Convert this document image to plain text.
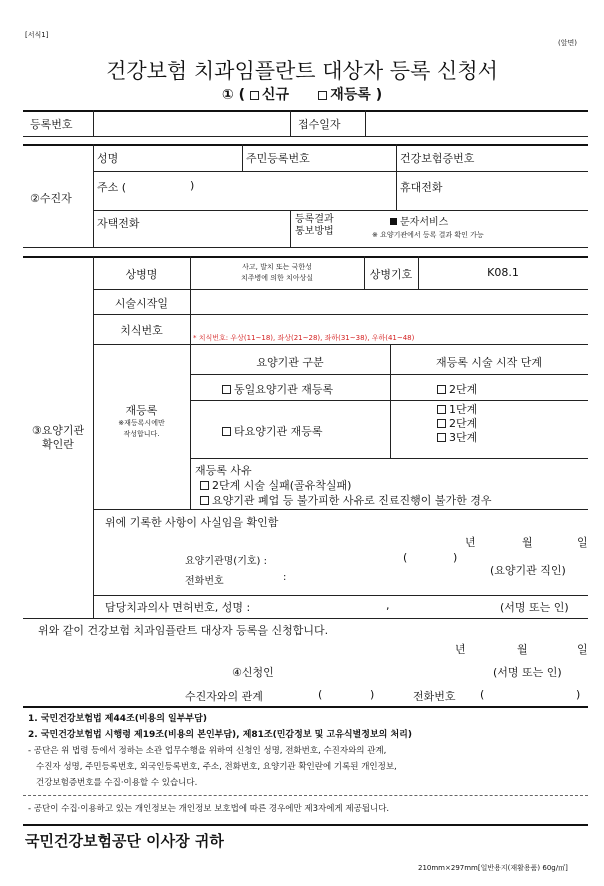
[서식1]
(앞면)
건강보험 치과임플란트 대상자 등록 신청서
① ( 신규	재등록 )
등록번호	접수일자
②수진자
성명	주민등록번호	건강보험증번호
주소 (	)	휴대전화
자택전화	등록결과
통보방법
문자서비스
※ 요양기관에서 등록 결과 확인 가능
③요양기관
확인란
상병명
사고, 발치 또는 국한성
치주병에 의한 치아상실	상병기호	K08.1
시술시작일
치식번호
* 치식번호: 우상(11~18), 좌상(21~28), 좌하(31~38), 우하(41~48)
재등록
※재등록시에만
작성합니다.
요양기관 구분	재등록 시술 시작 단계
동일요양기관 재등록	2단계
타요양기관 재등록
1단계
2단계
3단계
재등록 사유
2단계 시술 실패(골유착실패)
요양기관 폐업 등 불가피한 사유로 진료진행이 불가한 경우
위에 기록한 사항이 사실임을 확인함
년	월	일
요양기관명(기호) :
전화번호	:
(	)
(요양기관 직인)
담당치과의사 면허번호, 성명 :	,	(서명 또는 인)
위와 같이 건강보험 치과임플란트 대상자 등록을 신청합니다.
년	월	일
④신청인	(서명 또는 인)
수진자와의 관계	(	)	전화번호 (	)
1. 국민건강보험법 제44조(비용의 일부부담)
2. 국민건강보험법 시행령 제19조(비용의 본인부담), 제81조(민감정보 및 고유식별정보의 처리)
- 공단은 위 법령 등에서 정하는 소관 업무수행을 위하여 신청인 성명, 전화번호, 수진자와의 관계,
수진자 성명, 주민등록번호, 외국인등록번호, 주소, 전화번호, 요양기관 확인란에 기록된 개인정보,
건강보험증번호를 수집·이용할 수 있습니다.
- 공단이 수집·이용하고 있는 개인정보는 개인정보 보호법에 따른 경우에만 제3자에게 제공됩니다.
국민건강보험공단 이사장 귀하
210mm×297mm[일반용지(재활용품) 60g/㎡]
